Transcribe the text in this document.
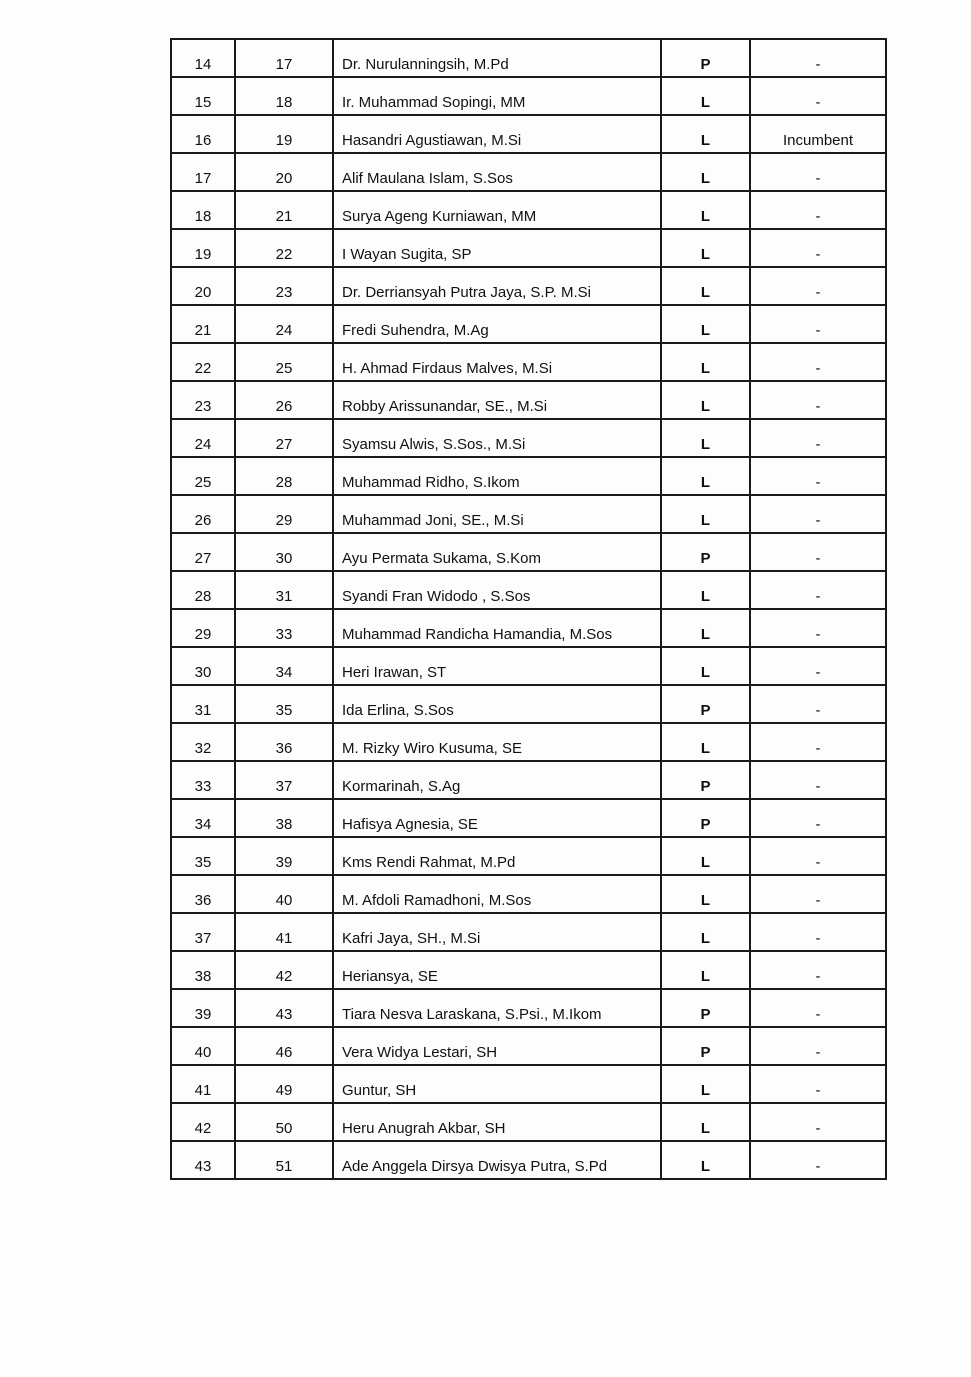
14	17	Dr. Nurulanningsih, M.Pd	P	-
15	18	Ir. Muhammad Sopingi, MM	L	-
16	19	Hasandri Agustiawan, M.Si	L	Incumbent
17	20	Alif Maulana Islam, S.Sos	L	-
18	21	Surya Ageng Kurniawan, MM	L	-
19	22	I Wayan Sugita, SP	L	-
20	23	Dr. Derriansyah Putra Jaya, S.P. M.Si	L	-
21	24	Fredi Suhendra, M.Ag	L	-
22	25	H. Ahmad Firdaus Malves, M.Si	L	-
23	26	Robby Arissunandar, SE., M.Si	L	-
24	27	Syamsu Alwis, S.Sos., M.Si	L	-
25	28	Muhammad Ridho, S.Ikom	L	-
26	29	Muhammad Joni, SE., M.Si	L	-
27	30	Ayu Permata Sukama, S.Kom	P	-
28	31	Syandi Fran Widodo , S.Sos	L	-
29	33	Muhammad Randicha Hamandia, M.Sos	L	-
30	34	Heri Irawan, ST	L	-
31	35	Ida Erlina, S.Sos	P	-
32	36	M. Rizky Wiro Kusuma, SE	L	-
33	37	Kormarinah, S.Ag	P	-
34	38	Hafisya Agnesia, SE	P	-
35	39	Kms Rendi Rahmat, M.Pd	L	-
36	40	M. Afdoli Ramadhoni, M.Sos	L	-
37	41	Kafri Jaya, SH., M.Si	L	-
38	42	Heriansya, SE	L	-
39	43	Tiara Nesva Laraskana, S.Psi., M.Ikom	P	-
40	46	Vera Widya Lestari, SH	P	-
41	49	Guntur, SH	L	-
42	50	Heru Anugrah Akbar, SH	L	-
43	51	Ade Anggela Dirsya Dwisya Putra, S.Pd	L	-
